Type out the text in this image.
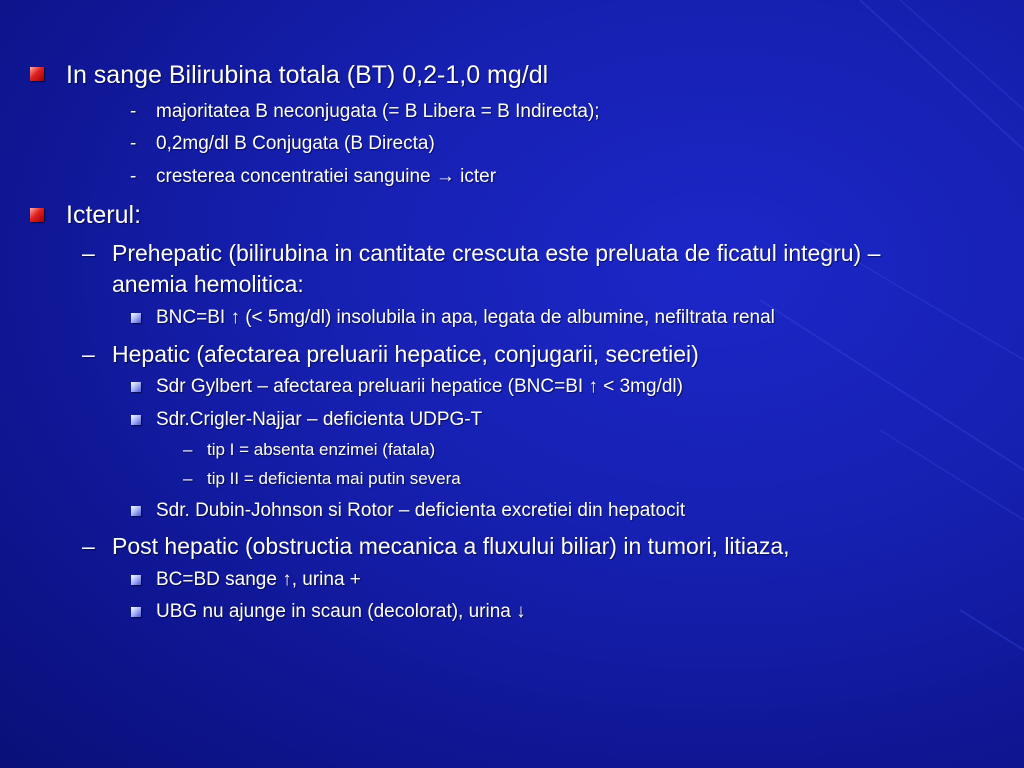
In sange Bilirubina totala (BT) 0,2-1,0 mg/dl
- majoritatea B neconjugata (= B Libera = B Indirecta);
- 0,2mg/dl B Conjugata (B Directa)
- cresterea concentratiei sanguine → icter
Icterul:
– Prehepatic (bilirubina in cantitate crescuta este preluata de ficatul integru) –
anemia hemolitica:
BNC=BI ↑ (< 5mg/dl) insolubila in apa, legata de albumine, nefiltrata renal
– Hepatic (afectarea preluarii hepatice, conjugarii, secretiei)
Sdr Gylbert – afectarea preluarii hepatice (BNC=BI ↑ < 3mg/dl)
Sdr.Crigler-Najjar – deficienta UDPG-T
– tip I = absenta enzimei (fatala)
– tip II = deficienta mai putin severa
Sdr. Dubin-Johnson si Rotor – deficienta excretiei din hepatocit
– Post hepatic (obstructia mecanica a fluxului biliar) in tumori, litiaza,
BC=BD sange ↑, urina +
UBG nu ajunge in scaun (decolorat), urina ↓
